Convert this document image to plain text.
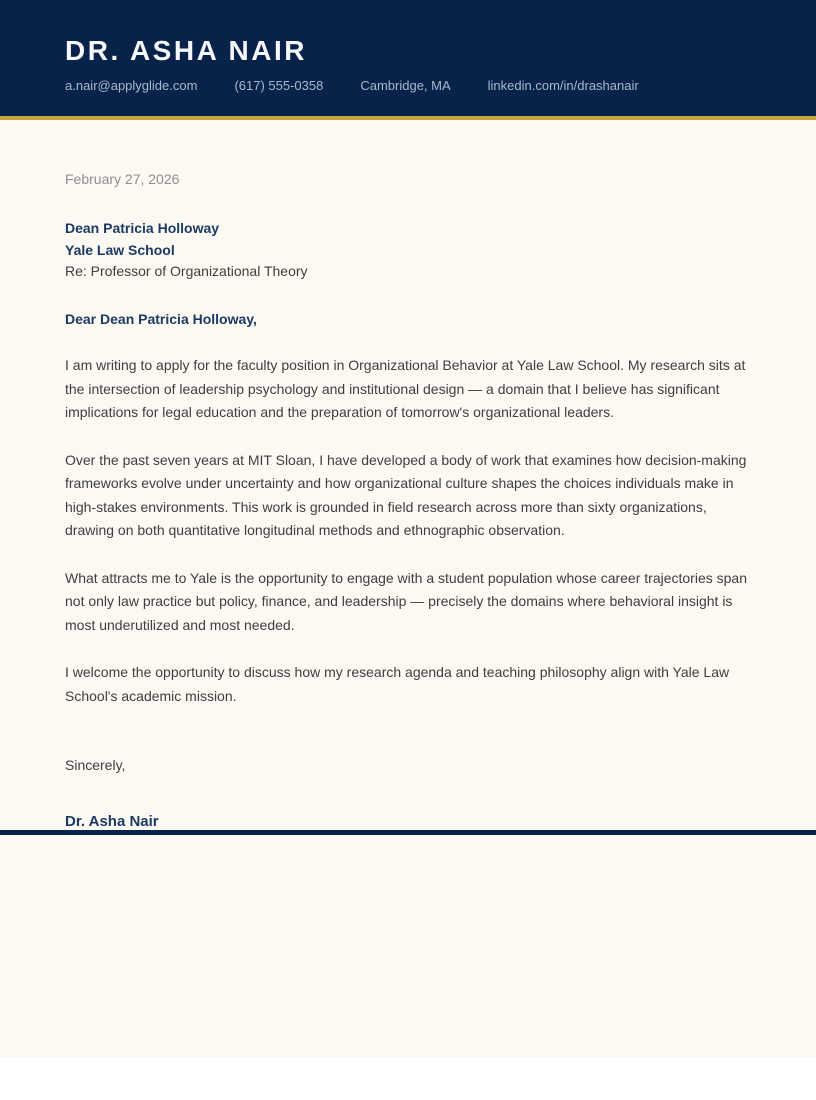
DR. ASHA NAIR
a.nair@applyglide.com	(617) 555-0358	Cambridge, MA	linkedin.com/in/drashanair
February 27, 2026
Dean Patricia Holloway
Yale Law School
Re: Professor of Organizational Theory
Dear Dean Patricia Holloway,

I am writing to apply for the faculty position in Organizational Behavior at Yale Law School. My research sits at the intersection of leadership psychology and institutional design — a domain that I believe has significant implications for legal education and the preparation of tomorrow's organizational leaders.

Over the past seven years at MIT Sloan, I have developed a body of work that examines how decision-making frameworks evolve under uncertainty and how organizational culture shapes the choices individuals make in high-stakes environments. This work is grounded in field research across more than sixty organizations, drawing on both quantitative longitudinal methods and ethnographic observation.

What attracts me to Yale is the opportunity to engage with a student population whose career trajectories span not only law practice but policy, finance, and leadership — precisely the domains where behavioral insight is most underutilized and most needed.

I welcome the opportunity to discuss how my research agenda and teaching philosophy align with Yale Law School's academic mission.

Sincerely,
Dr. Asha Nair
